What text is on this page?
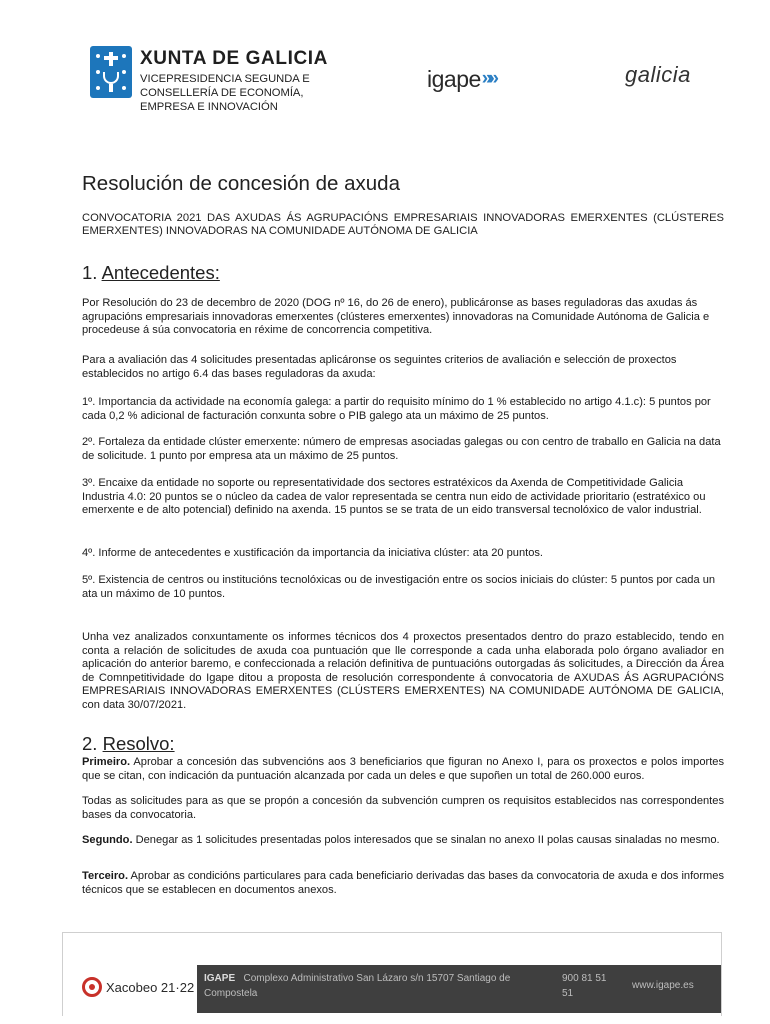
XUNTA DE GALICIA
VICEPRESIDENCIA SEGUNDA E
CONSELLERÍA DE ECONOMÍA,
EMPRESA E INNOVACIÓN
igape »»	galicia
Resolución de concesión de axuda
CONVOCATORIA 2021 DAS AXUDAS ÁS AGRUPACIÓNS EMPRESARIAIS INNOVADORAS EMERXENTES (CLÚSTERES EMERXENTES) INNOVADORAS NA COMUNIDADE AUTÓNOMA DE GALICIA
1. Antecedentes:
Por Resolución do 23 de decembro de 2020 (DOG nº 16, do 26 de enero), publicáronse as bases reguladoras das axudas ás agrupacións empresariais innovadoras emerxentes (clústeres emerxentes) innovadoras na Comunidade Autónoma de Galicia e procedeuse á súa convocatoria en réxime de concorrencia competitiva.
Para a avaliación das 4 solicitudes presentadas aplicáronse os seguintes criterios de avaliación e selección de proxectos establecidos no artigo 6.4 das bases reguladoras da axuda:
1º. Importancia da actividade na economía galega: a partir do requisito mínimo do 1 % establecido no artigo 4.1.c): 5 puntos por cada 0,2 % adicional de facturación conxunta sobre o PIB galego ata un máximo de 25 puntos.
2º. Fortaleza da entidade clúster emerxente: número de empresas asociadas galegas ou con centro de traballo en Galicia na data de solicitude. 1 punto por empresa ata un máximo de 25 puntos.
3º. Encaixe da entidade no soporte ou representatividade dos sectores estratéxicos da Axenda de Competitividade Galicia Industria 4.0: 20 puntos se o núcleo da cadea de valor representada se centra nun eido de actividade prioritario (estratéxico ou emerxente e de alto potencial) definido na axenda. 15 puntos se se trata de un eido transversal tecnolóxico de valor industrial.
4º. Informe de antecedentes e xustificación da importancia da iniciativa clúster: ata 20 puntos.
5º. Existencia de centros ou institucións tecnolóxicas ou de investigación entre os socios iniciais do clúster: 5 puntos por cada un ata un máximo de 10 puntos.
Unha vez analizados conxuntamente os informes técnicos dos 4 proxectos presentados dentro do prazo establecido, tendo en conta a relación de solicitudes de axuda coa puntuación que lle corresponde a cada unha elaborada polo órgano avaliador en aplicación do anterior baremo, e confeccionada a relación definitiva de puntuacións outorgadas ás solicitudes, a Dirección da Área de Comnpetitividade do Igape ditou a proposta de resolución correspondente á convocatoria de AXUDAS ÁS AGRUPACIÓNS EMPRESARIAIS INNOVADORAS EMERXENTES (CLÚSTERS EMERXENTES) NA COMUNIDADE AUTÓNOMA DE GALICIA, con data 30/07/2021.
2. Resolvo:
Primeiro. Aprobar a concesión das subvencións aos 3 beneficiarios que figuran no Anexo I, para os proxectos e polos importes que se citan, con indicación da puntuación alcanzada por cada un deles e que supoñen un total de 260.000 euros.
Todas as solicitudes para as que se propón a concesión da subvención cumpren os requisitos establecidos nas correspondentes bases da convocatoria.
Segundo. Denegar as 1 solicitudes presentadas polos interesados que se sinalan no anexo II polas causas sinaladas no mesmo.
Terceiro. Aprobar as condicións particulares para cada beneficiario derivadas das bases da convocatoria de axuda e dos informes técnicos que se establecen en documentos anexos.
Xacobeo 21·22
IGAPE Complexo Administrativo San Lázaro s/n 15707 Santiago de
Compostela
900 81 51
51
www.igape.es
